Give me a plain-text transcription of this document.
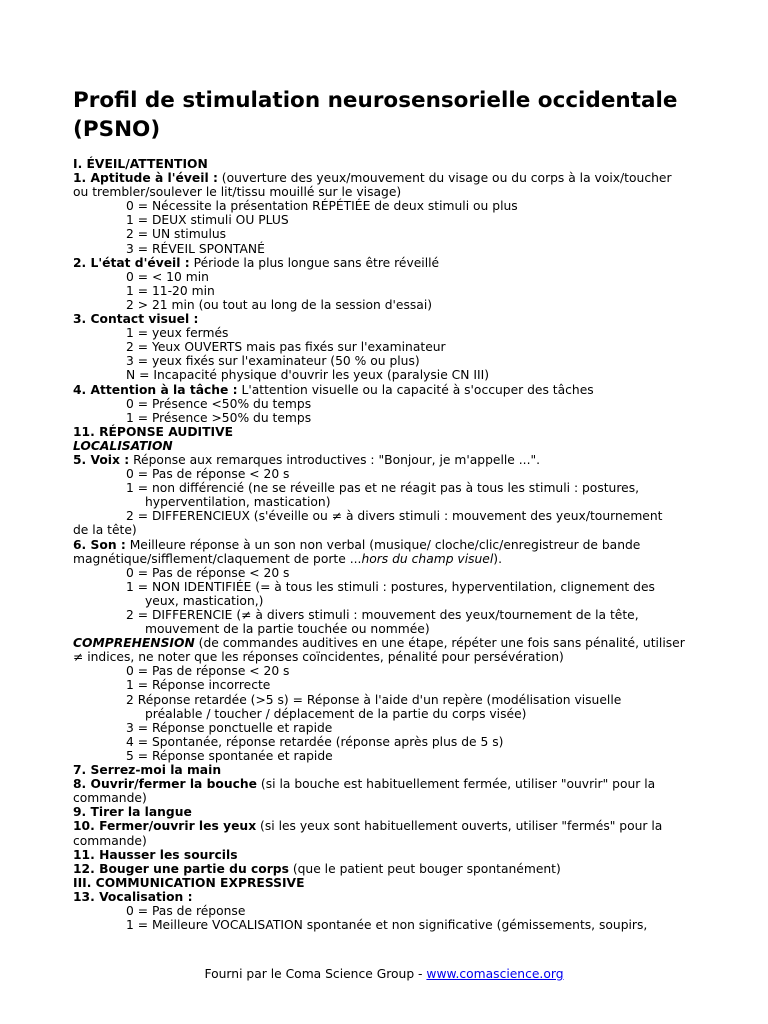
Profil de stimulation neurosensorielle occidentale (PSNO)
I. ÉVEIL/ATTENTION
1. Aptitude à l'éveil : (ouverture des yeux/mouvement du visage ou du corps à la voix/toucher
ou trembler/soulever le lit/tissu mouillé sur le visage)
0 = Nécessite la présentation RÉPÉTIÉE de deux stimuli ou plus
1 = DEUX stimuli OU PLUS
2 = UN stimulus
3 = RÉVEIL SPONTANÉ
2. L'état d'éveil : Période la plus longue sans être réveillé
0 = < 10 min
1 = 11-20 min
2 > 21 min (ou tout au long de la session d'essai)
3. Contact visuel :
1 = yeux fermés
2 = Yeux OUVERTS mais pas fixés sur l'examinateur
3 = yeux fixés sur l'examinateur (50 % ou plus)
N = Incapacité physique d'ouvrir les yeux (paralysie CN III)
4. Attention à la tâche : L'attention visuelle ou la capacité à s'occuper des tâches
0 = Présence <50% du temps
1 = Présence >50% du temps
11. RÉPONSE AUDITIVE
LOCALISATION
5. Voix : Réponse aux remarques introductives : "Bonjour, je m'appelle ...".
0 = Pas de réponse < 20 s
1 = non différencié (ne se réveille pas et ne réagit pas à tous les stimuli : postures,
hyperventilation, mastication)
2 = DIFFERENCIEUX (s'éveille ou ≠ à divers stimuli : mouvement des yeux/tournement
de la tête)
6. Son : Meilleure réponse à un son non verbal (musique/ cloche/clic/enregistreur de bande
magnétique/sifflement/claquement de porte ...hors du champ visuel).
0 = Pas de réponse < 20 s
1 = NON IDENTIFIÉE (= à tous les stimuli : postures, hyperventilation, clignement des
yeux, mastication,)
2 = DIFFERENCIE (≠ à divers stimuli : mouvement des yeux/tournement de la tête,
mouvement de la partie touchée ou nommée)
COMPREHENSION (de commandes auditives en une étape, répéter une fois sans pénalité, utiliser
≠ indices, ne noter que les réponses coïncidentes, pénalité pour persévération)
0 = Pas de réponse < 20 s
1 = Réponse incorrecte
2 Réponse retardée (>5 s) = Réponse à l'aide d'un repère (modélisation visuelle
préalable / toucher / déplacement de la partie du corps visée)
3 = Réponse ponctuelle et rapide
4 = Spontanée, réponse retardée (réponse après plus de 5 s)
5 = Réponse spontanée et rapide
7. Serrez-moi la main
8. Ouvrir/fermer la bouche (si la bouche est habituellement fermée, utiliser "ouvrir" pour la
commande)
9. Tirer la langue
10. Fermer/ouvrir les yeux (si les yeux sont habituellement ouverts, utiliser "fermés" pour la
commande)
11. Hausser les sourcils
12. Bouger une partie du corps (que le patient peut bouger spontanément)
III. COMMUNICATION EXPRESSIVE
13. Vocalisation :
0 = Pas de réponse
1 = Meilleure VOCALISATION spontanée et non significative (gémissements, soupirs,
Fourni par le Coma Science Group - www.comascience.org
